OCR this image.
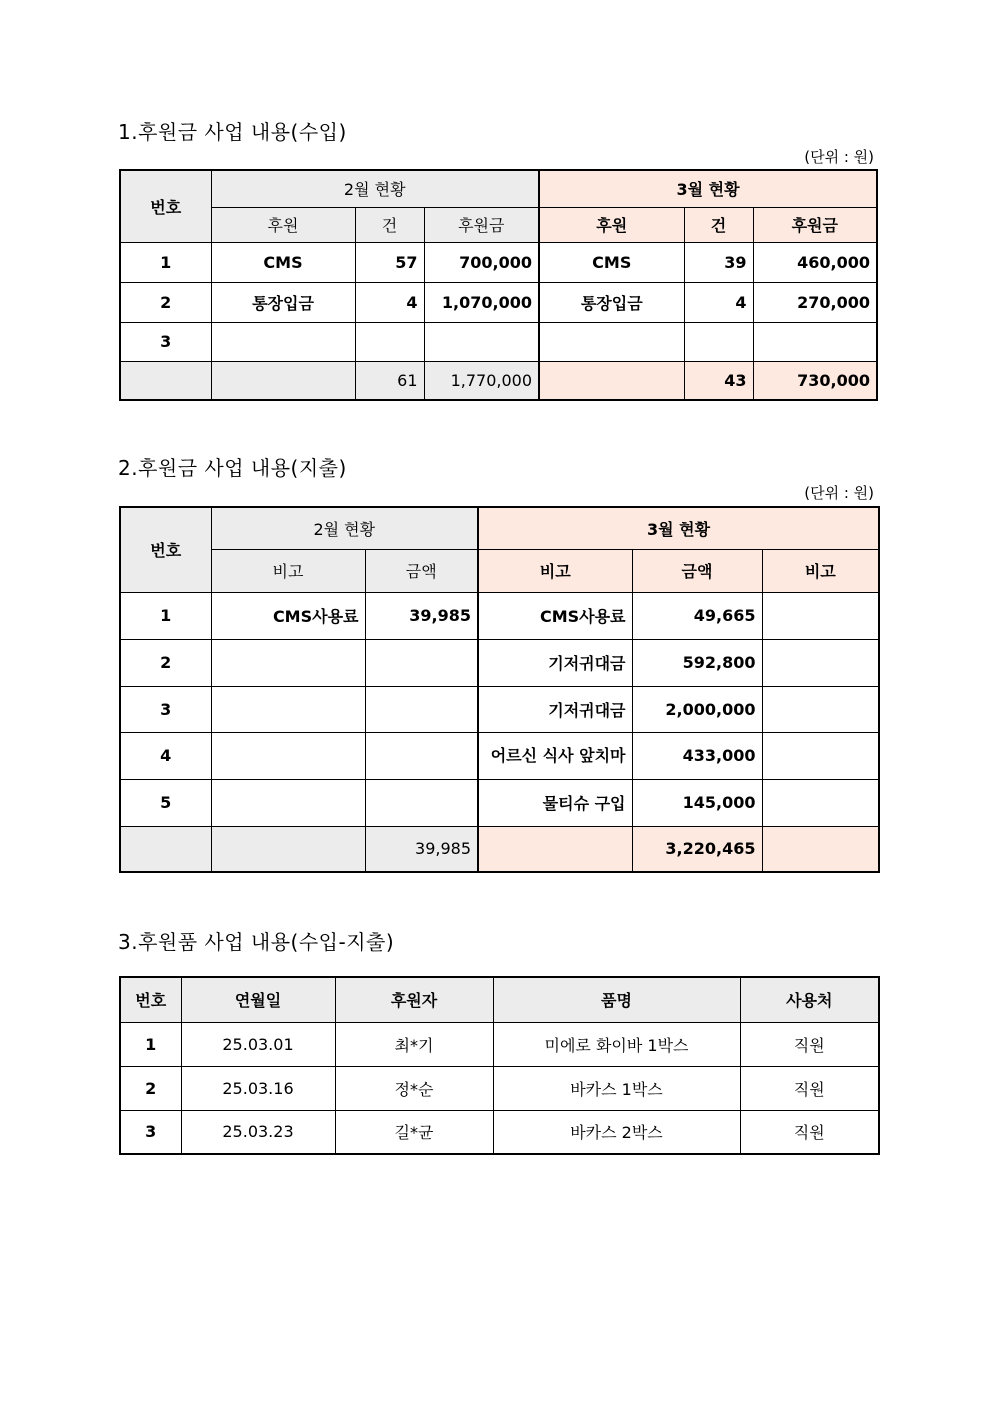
1.후원금 사업 내용(수입)
(단위 : 원)
번호	2월 현황			3월 현황		
	후원	건	후원금	후원	건	후원금
1	CMS	57	700,000	CMS	39	460,000
2	통장입금	4	1,070,000	통장입금	4	270,000
3						
		61	1,770,000		43	730,000
2.후원금 사업 내용(지출)
(단위 : 원)
번호	2월 현황		3월 현황		
	비고	금액	비고	금액	비고
1	CMS사용료	39,985	CMS사용료	49,665	
2			기저귀대금	592,800	
3			기저귀대금	2,000,000	
4			어르신 식사 앞치마	433,000	
5			물티슈 구입	145,000	
		39,985		3,220,465	
3.후원품 사업 내용(수입-지출)
번호	연월일	후원자	품명	사용처
1	25.03.01	최*기	미에로 화이바 1박스	직원
2	25.03.16	정*순	바카스 1박스	직원
3	25.03.23	길*균	바카스 2박스	직원
